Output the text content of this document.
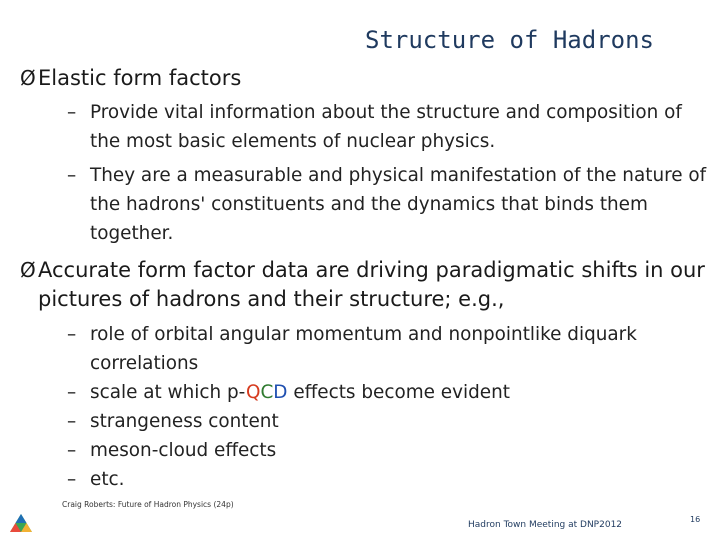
Structure of Hadrons
Ø Elastic form factors
– Provide vital information about the structure and composition of the most basic elements of nuclear physics.
– They are a measurable and physical manifestation of the nature of the hadrons' constituents and the dynamics that binds them together.
Ø Accurate form factor data are driving paradigmatic shifts in our pictures of hadrons and their structure; e.g.,
– role of orbital angular momentum and nonpointlike diquark correlations
– scale at which p-QCD effects become evident
– strangeness content
– meson-cloud effects
– etc.
Craig Roberts: Future of Hadron Physics (24p)
Hadron Town Meeting at DNP2012
16
